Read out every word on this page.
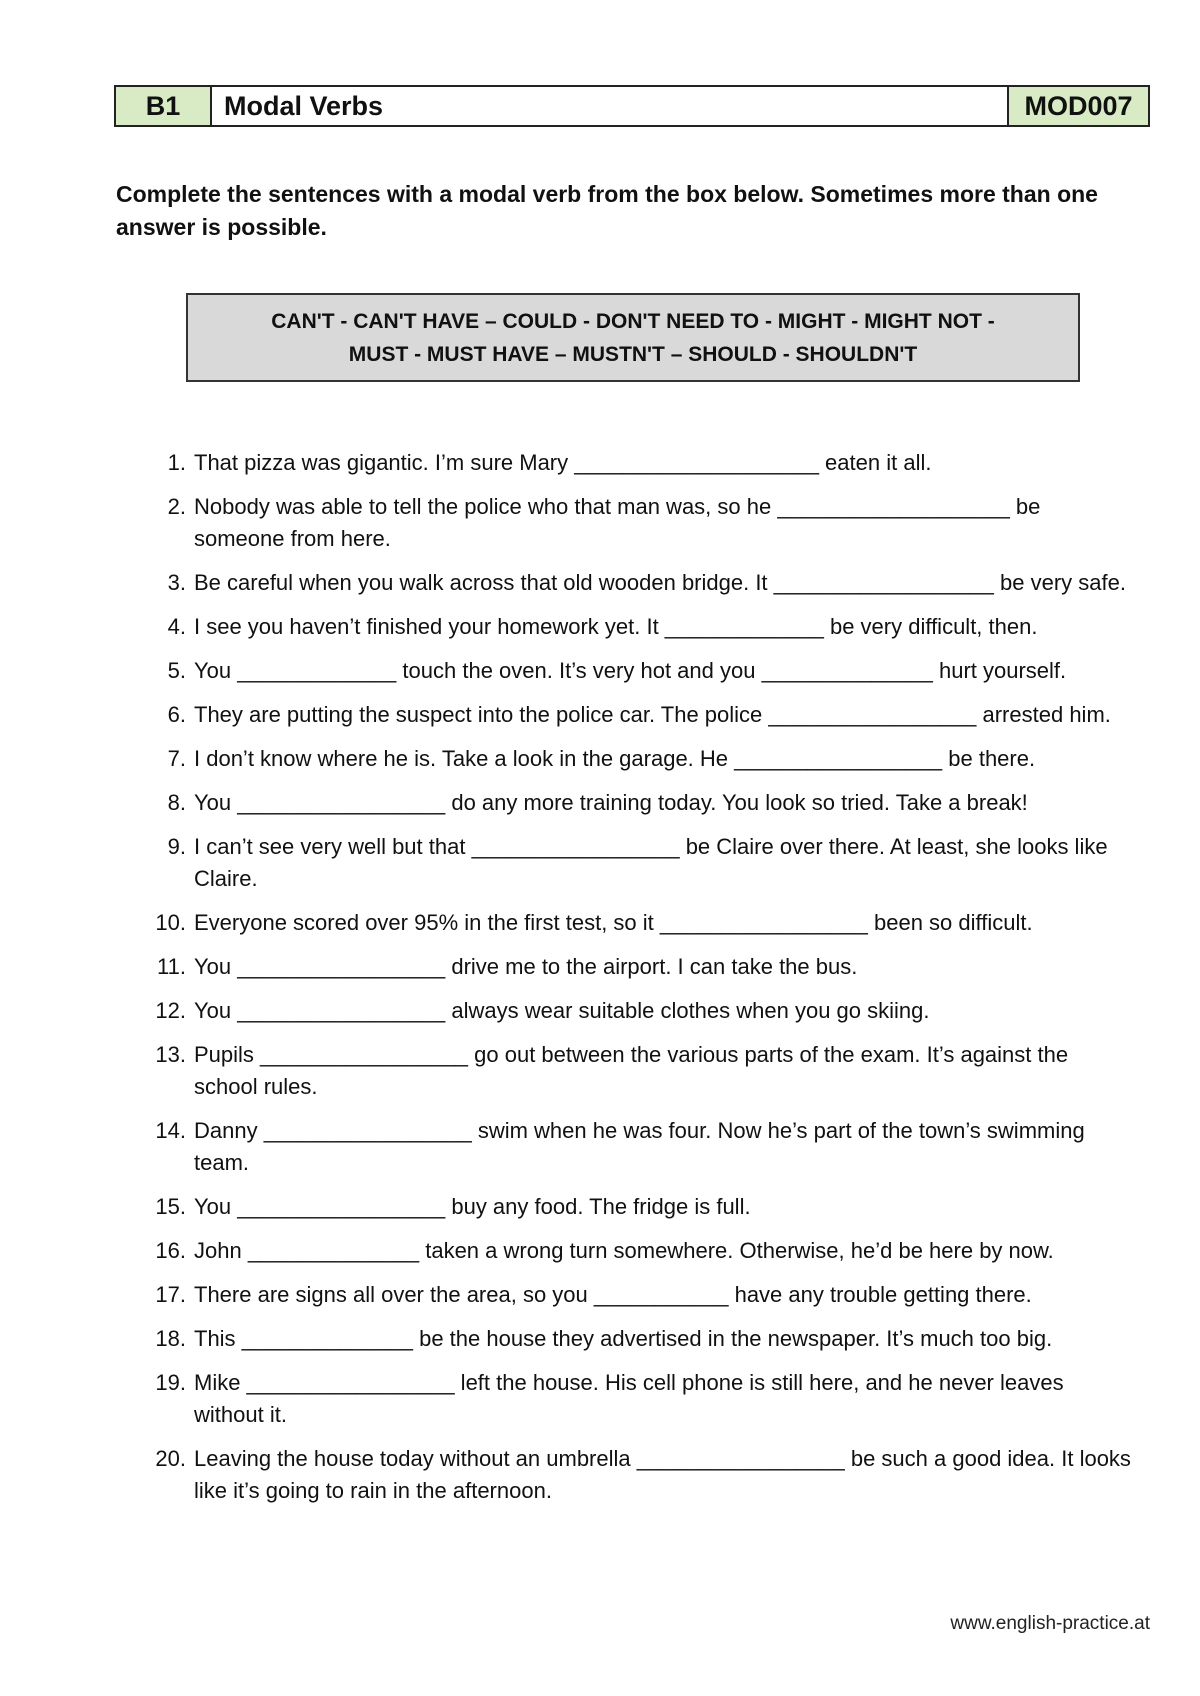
B1	Modal Verbs	MOD007
Complete the sentences with a modal verb from the box below. Sometimes more than one answer is possible.
CAN'T - CAN'T HAVE – COULD - DON'T NEED TO - MIGHT - MIGHT NOT -
MUST - MUST HAVE – MUSTN'T – SHOULD - SHOULDN'T
1. That pizza was gigantic. I’m sure Mary ____________________ eaten it all.
2. Nobody was able to tell the police who that man was, so he ___________________ be someone from here.
3. Be careful when you walk across that old wooden bridge. It __________________ be very safe.
4. I see you haven’t finished your homework yet. It _____________ be very difficult, then.
5. You _____________ touch the oven. It’s very hot and you ______________ hurt yourself.
6. They are putting the suspect into the police car. The police _________________ arrested him.
7. I don’t know where he is. Take a look in the garage. He _________________ be there.
8. You _________________ do any more training today. You look so tried. Take a break!
9. I can’t see very well but that _________________ be Claire over there. At least, she looks like Claire.
10. Everyone scored over 95% in the first test, so it _________________ been so difficult.
11. You _________________ drive me to the airport. I can take the bus.
12. You _________________ always wear suitable clothes when you go skiing.
13. Pupils _________________ go out between the various parts of the exam. It’s against the school rules.
14. Danny _________________ swim when he was four. Now he’s part of the town’s swimming team.
15. You _________________ buy any food. The fridge is full.
16. John ______________ taken a wrong turn somewhere. Otherwise, he’d be here by now.
17. There are signs all over the area, so you ___________ have any trouble getting there.
18. This ______________ be the house they advertised in the newspaper. It’s much too big.
19. Mike _________________ left the house. His cell phone is still here, and he never leaves without it.
20. Leaving the house today without an umbrella _________________ be such a good idea. It looks like it’s going to rain in the afternoon.
www.english-practice.at
